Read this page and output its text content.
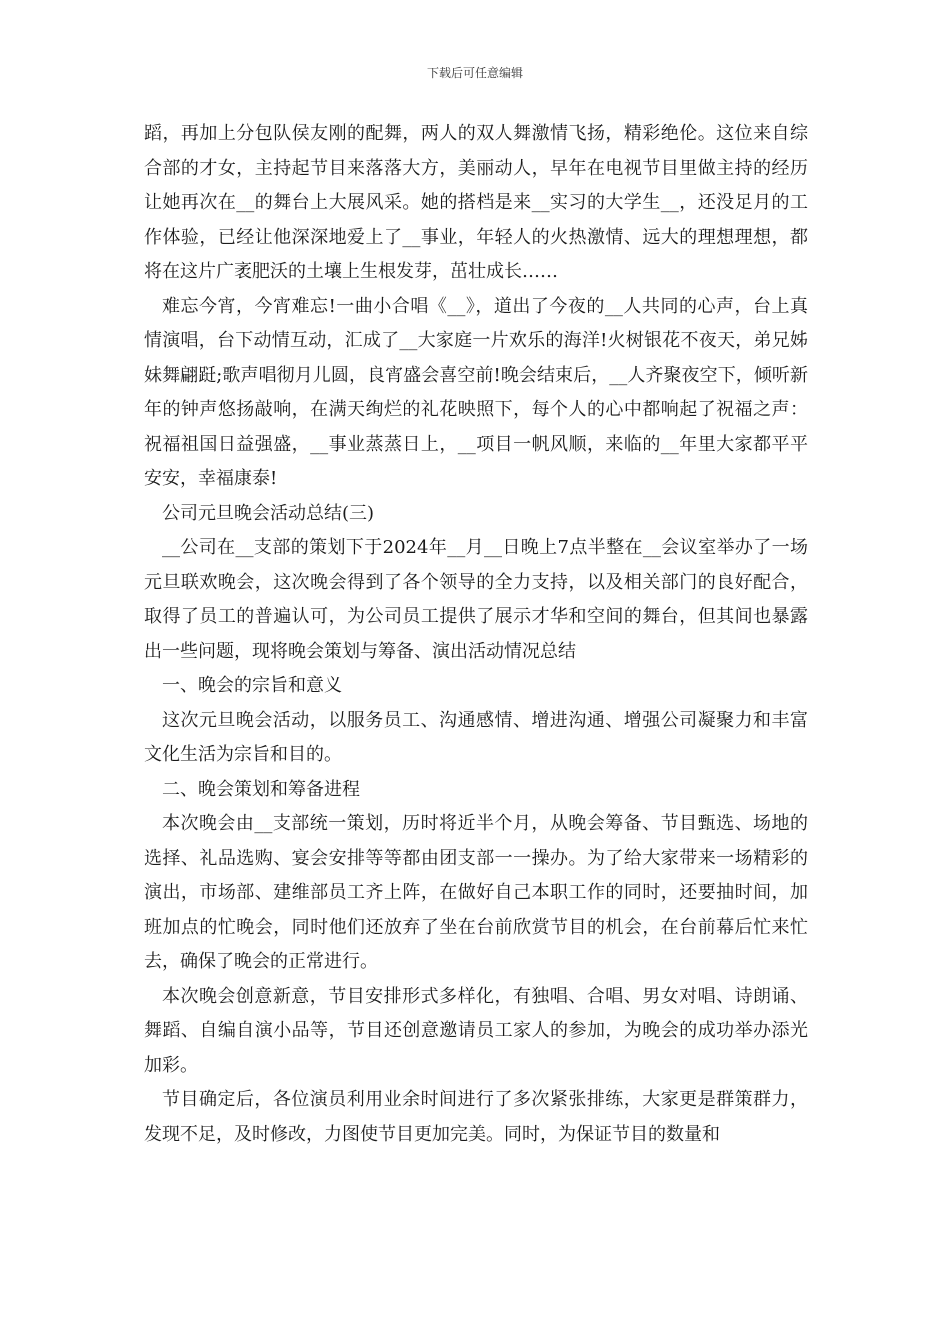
下载后可任意编辑

蹈，再加上分包队侯友刚的配舞，两人的双人舞激情飞扬，精彩绝伦。这位来自综合部的才女，主持起节目来落落大方，美丽动人，早年在电视节目里做主持的经历让她再次在__的舞台上大展风采。她的搭档是来__实习的大学生__，还没足月的工作体验，已经让他深深地爱上了__事业，年轻人的火热激情、远大的理想理想，都将在这片广袤肥沃的土壤上生根发芽，茁壮成长……

难忘今宵，今宵难忘!一曲小合唱《__》，道出了今夜的__人共同的心声，台上真情演唱，台下动情互动，汇成了__大家庭一片欢乐的海洋!火树银花不夜天，弟兄姊妹舞翩跹;歌声唱彻月儿圆，良宵盛会喜空前!晚会结束后，__人齐聚夜空下，倾听新年的钟声悠扬敲响，在满天绚烂的礼花映照下，每个人的心中都响起了祝福之声：祝福祖国日益强盛，__事业蒸蒸日上，__项目一帆风顺，来临的__年里大家都平平安安，幸福康泰!

公司元旦晚会活动总结(三)

__公司在__支部的策划下于2024年__月__日晚上7点半整在__会议室举办了一场元旦联欢晚会，这次晚会得到了各个领导的全力支持，以及相关部门的良好配合，取得了员工的普遍认可，为公司员工提供了展示才华和空间的舞台，但其间也暴露出一些问题，现将晚会策划与筹备、演出活动情况总结

一、晚会的宗旨和意义

这次元旦晚会活动，以服务员工、沟通感情、增进沟通、增强公司凝聚力和丰富文化生活为宗旨和目的。

二、晚会策划和筹备进程

本次晚会由__支部统一策划，历时将近半个月，从晚会筹备、节目甄选、场地的选择、礼品选购、宴会安排等等都由团支部一一操办。为了给大家带来一场精彩的演出，市场部、建维部员工齐上阵，在做好自己本职工作的同时，还要抽时间，加班加点的忙晚会，同时他们还放弃了坐在台前欣赏节目的机会，在台前幕后忙来忙去，确保了晚会的正常进行。

本次晚会创意新意，节目安排形式多样化，有独唱、合唱、男女对唱、诗朗诵、舞蹈、自编自演小品等，节目还创意邀请员工家人的参加，为晚会的成功举办添光加彩。

节目确定后，各位演员利用业余时间进行了多次紧张排练，大家更是群策群力，发现不足，及时修改，力图使节目更加完美。同时，为保证节目的数量和
